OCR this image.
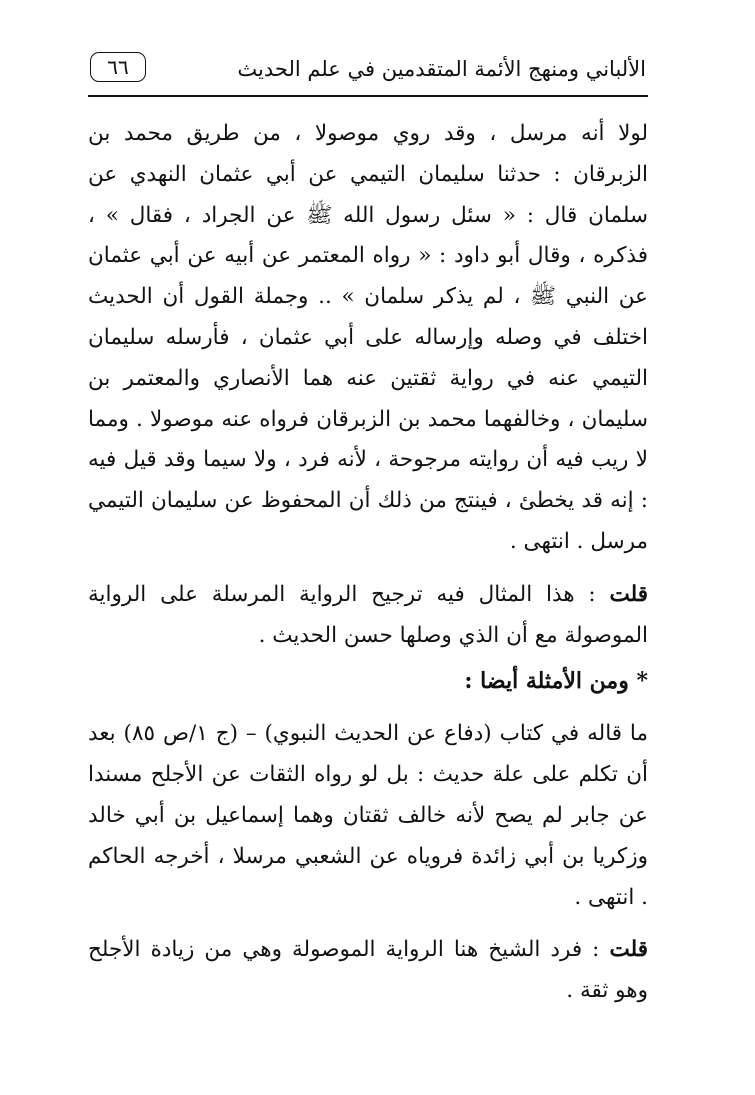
الألباني ومنهج الأئمة المتقدمين في علم الحديث
٦٦

لولا أنه مرسل ، وقد روي موصولا ، من طريق محمد بن الزبرقان : حدثنا سليمان التيمي عن أبي عثمان النهدي عن سلمان قال : « سئل رسول الله ﷺ عن الجراد ، فقال » ، فذكره ، وقال أبو داود : « رواه المعتمر عن أبيه عن أبي عثمان عن النبي ﷺ ، لم يذكر سلمان » .. وجملة القول أن الحديث اختلف في وصله وإرساله على أبي عثمان ، فأرسله سليمان التيمي عنه في رواية ثقتين عنه هما الأنصاري والمعتمر بن سليمان ، وخالفهما محمد بن الزبرقان فرواه عنه موصولا . ومما لا ريب فيه أن روايته مرجوحة ، لأنه فرد ، ولا سيما وقد قيل فيه : إنه قد يخطئ ، فينتج من ذلك أن المحفوظ عن سليمان التيمي مرسل . انتهى .

قلت : هذا المثال فيه ترجيح الرواية المرسلة على الرواية الموصولة مع أن الذي وصلها حسن الحديث .

* ومن الأمثلة أيضا :

ما قاله في كتاب (دفاع عن الحديث النبوي) – (ج ١/ص ٨٥) بعد أن تكلم على علة حديث : بل لو رواه الثقات عن الأجلح مسندا عن جابر لم يصح لأنه خالف ثقتان وهما إسماعيل بن أبي خالد وزكريا بن أبي زائدة فروياه عن الشعبي مرسلا ، أخرجه الحاكم . انتهى .

قلت : فرد الشيخ هنا الرواية الموصولة وهي من زيادة الأجلح وهو ثقة .
